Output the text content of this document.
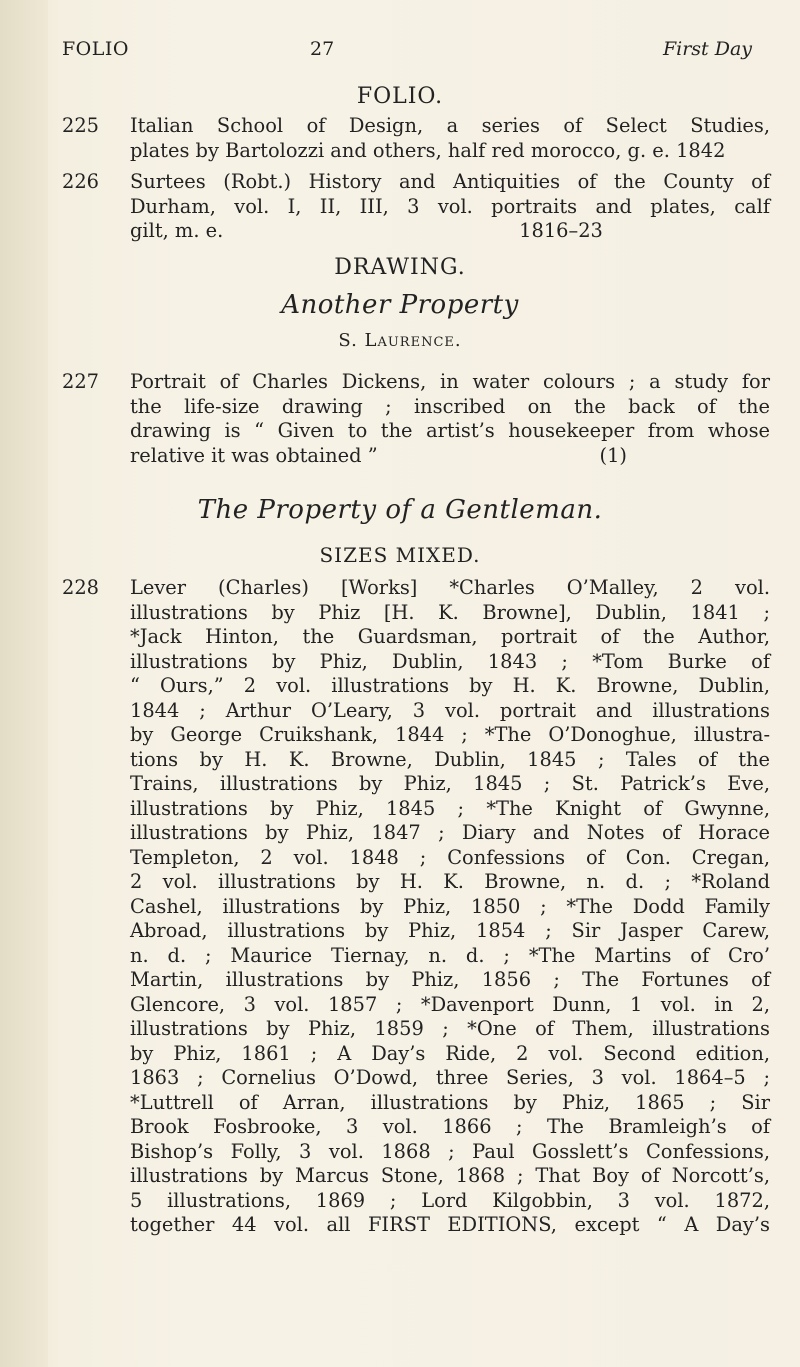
FOLIO	27	First Day
FOLIO.
225	Italian School of Design, a series of Select Studies,
plates by Bartolozzi and others, half red morocco, g. e. 1842
226	Surtees (Robt.) History and Antiquities of the County of
Durham, vol. I, II, III, 3 vol. portraits and plates, calf
gilt, m. e.                                                1816–23
DRAWING.
Another Property
S. Laurence.
227	Portrait of Charles Dickens, in water colours ; a study for
the life-size drawing ; inscribed on the back of the
drawing is “ Given to the artist’s housekeeper from whose
relative it was obtained ”                                    (1)
The Property of a Gentleman.
SIZES MIXED.
228	Lever (Charles) [Works] *Charles O’Malley, 2 vol.
illustrations by Phiz [H. K. Browne], Dublin, 1841 ;
*Jack Hinton, the Guardsman, portrait of the Author,
illustrations by Phiz, Dublin, 1843 ; *Tom Burke of
“ Ours,” 2 vol. illustrations by H. K. Browne, Dublin,
1844 ; Arthur O’Leary, 3 vol. portrait and illustrations
by George Cruikshank, 1844 ; *The O’Donoghue, illustra-
tions by H. K. Browne, Dublin, 1845 ; Tales of the
Trains, illustrations by Phiz, 1845 ; St. Patrick’s Eve,
illustrations by Phiz, 1845 ; *The Knight of Gwynne,
illustrations by Phiz, 1847 ; Diary and Notes of Horace
Templeton, 2 vol. 1848 ; Confessions of Con. Cregan,
2 vol. illustrations by H. K. Browne, n. d. ; *Roland
Cashel, illustrations by Phiz, 1850 ; *The Dodd Family
Abroad, illustrations by Phiz, 1854 ; Sir Jasper Carew,
n. d. ; Maurice Tiernay, n. d. ; *The Martins of Cro’
Martin, illustrations by Phiz, 1856 ; The Fortunes of
Glencore, 3 vol. 1857 ; *Davenport Dunn, 1 vol. in 2,
illustrations by Phiz, 1859 ; *One of Them, illustrations
by Phiz, 1861 ; A Day’s Ride, 2 vol. Second edition,
1863 ; Cornelius O’Dowd, three Series, 3 vol. 1864–5 ;
*Luttrell of Arran, illustrations by Phiz, 1865 ; Sir
Brook Fosbrooke, 3 vol. 1866 ; The Bramleigh’s of
Bishop’s Folly, 3 vol. 1868 ; Paul Gosslett’s Confessions,
illustrations by Marcus Stone, 1868 ; That Boy of Norcott’s,
5 illustrations, 1869 ; Lord Kilgobbin, 3 vol. 1872,
together 44 vol. all FIRST EDITIONS, except “ A Day’s
